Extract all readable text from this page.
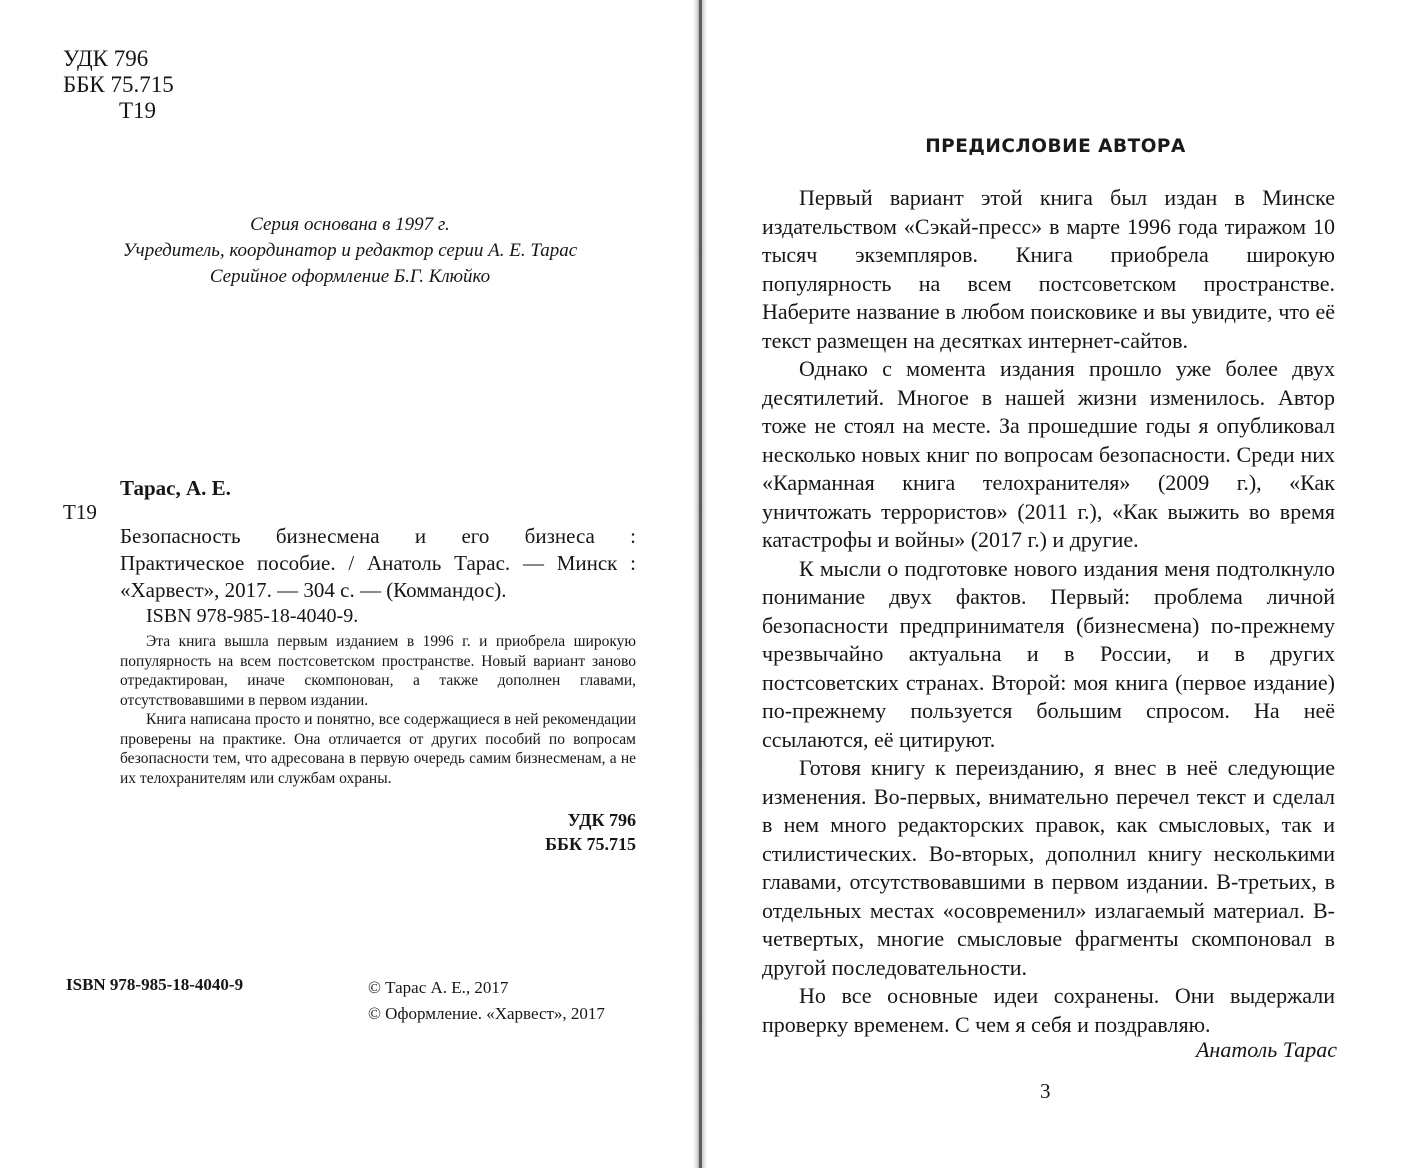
УДК 796
ББК 75.715
Т19
Серия основана в 1997 г.
Учредитель, координатор и редактор серии А. Е. Тарас
Серийное оформление Б.Г. Клюйко
Тарас, А. Е.
Т19
Безопасность бизнесмена и его бизнеса :
Практическое пособие. / Анатоль Тарас. — Минск :
«Харвест», 2017. — 304 с. — (Коммандос).
ISBN 978-985-18-4040-9.

Эта книга вышла первым изданием в 1996 г. и приобрела широкую популярность на всем постсоветском пространстве. Новый вариант заново отредактирован, иначе скомпонован, а также дополнен главами, отсутствовавшими в первом издании.

Книга написана просто и понятно, все содержащиеся в ней рекомендации проверены на практике. Она отличается от других пособий по вопросам безопасности тем, что адресована в первую очередь самим бизнесменам, а не их телохранителям или службам охраны.

УДК 796
ББК 75.715
ISBN 978-985-18-4040-9	© Тарас А. Е., 2017
© Оформление. «Харвест», 2017
ПРЕДИСЛОВИЕ АВТОРА

Первый вариант этой книга был издан в Минске издательством «Сэкай-пресс» в марте 1996 года тиражом 10 тысяч экземпляров. Книга приобрела широкую популярность на всем постсоветском пространстве. Наберите название в любом поисковике и вы увидите, что её текст размещен на десятках интернет-сайтов.

Однако с момента издания прошло уже более двух десятилетий. Многое в нашей жизни изменилось. Автор тоже не стоял на месте. За прошедшие годы я опубликовал несколько новых книг по вопросам безопасности. Среди них «Карманная книга телохранителя» (2009 г.), «Как уничтожать террористов» (2011 г.), «Как выжить во время катастрофы и войны» (2017 г.) и другие.

К мысли о подготовке нового издания меня подтолкнуло понимание двух фактов. Первый: проблема личной безопасности предпринимателя (бизнесмена) по-прежнему чрезвычайно актуальна и в России, и в других постсоветских странах. Второй: моя книга (первое издание) по-прежнему пользуется большим спросом. На неё ссылаются, её цитируют.

Готовя книгу к переизданию, я внес в неё следующие изменения. Во-первых, внимательно перечел текст и сделал в нем много редакторских правок, как смысловых, так и стилистических. Во-вторых, дополнил книгу несколькими главами, отсутствовавшими в первом издании. В-третьих, в отдельных местах «осовременил» излагаемый материал. В-четвертых, многие смысловые фрагменты скомпоновал в другой последовательности.

Но все основные идеи сохранены. Они выдержали проверку временем. С чем я себя и поздравляю.

Анатоль Тарас
3
